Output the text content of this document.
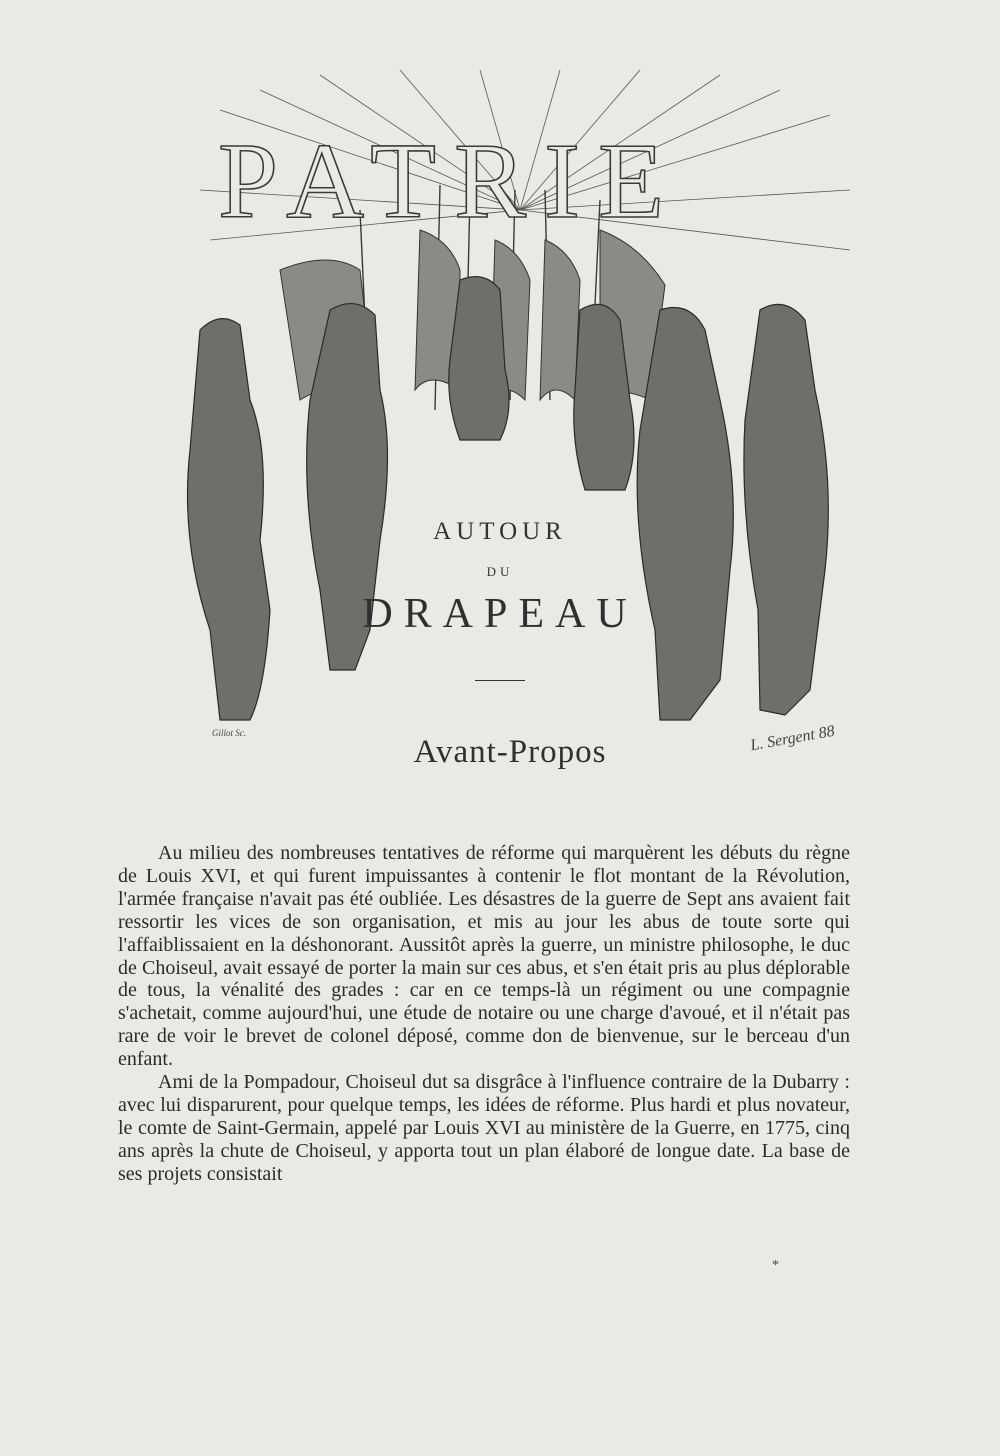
PATRIE
AUTOUR
DU
DRAPEAU
Gillot Sc.	L. Sergent 88
Avant-Propos

Au milieu des nombreuses tentatives de réforme qui marquèrent les débuts du règne de Louis XVI, et qui furent impuissantes à contenir le flot montant de la Révolution, l'armée française n'avait pas été oubliée. Les désastres de la guerre de Sept ans avaient fait ressortir les vices de son organisation, et mis au jour les abus de toute sorte qui l'affaiblissaient en la déshonorant. Aussitôt après la guerre, un ministre philosophe, le duc de Choiseul, avait essayé de porter la main sur ces abus, et s'en était pris au plus déplorable de tous, la vénalité des grades : car en ce temps-là un régiment ou une compagnie s'achetait, comme aujourd'hui, une étude de notaire ou une charge d'avoué, et il n'était pas rare de voir le brevet de colonel déposé, comme don de bienvenue, sur le berceau d'un enfant.

Ami de la Pompadour, Choiseul dut sa disgrâce à l'influence contraire de la Dubarry : avec lui disparurent, pour quelque temps, les idées de réforme. Plus hardi et plus novateur, le comte de Saint-Germain, appelé par Louis XVI au ministère de la Guerre, en 1775, cinq ans après la chute de Choiseul, y apporta tout un plan élaboré de longue date. La base de ses projets consistait

*
